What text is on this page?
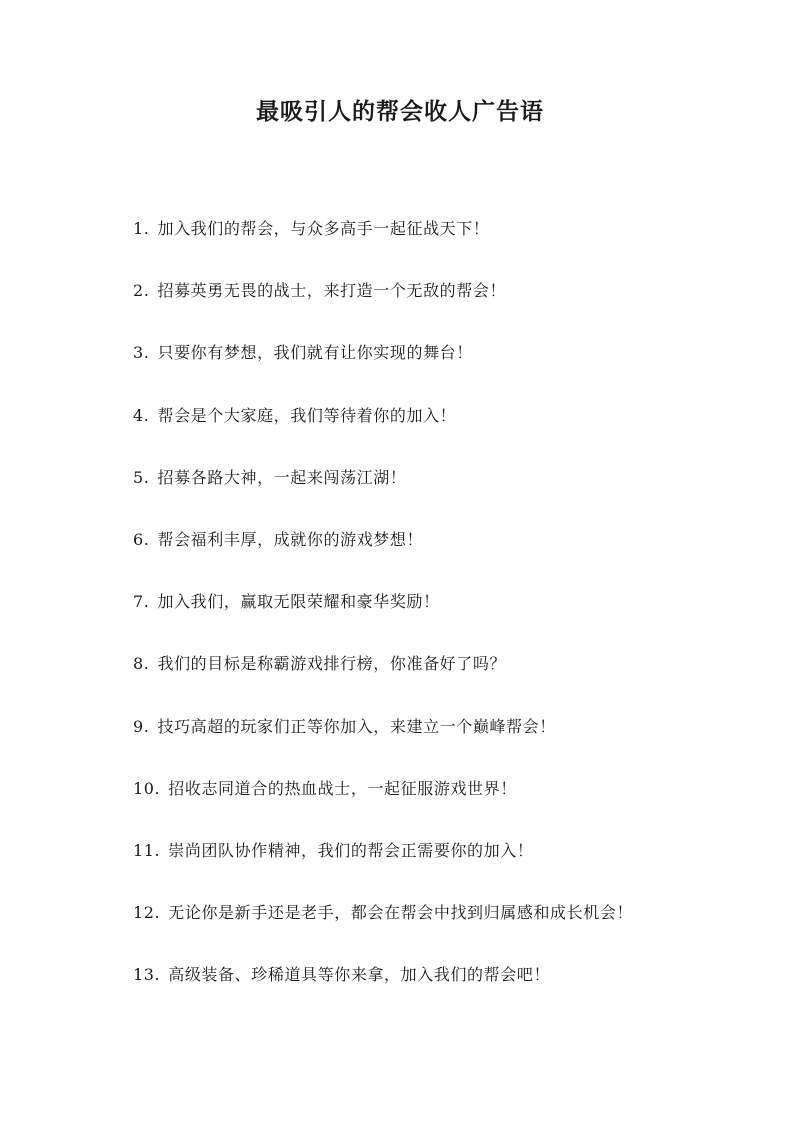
最吸引人的帮会收人广告语
1. 加入我们的帮会，与众多高手一起征战天下！
2. 招募英勇无畏的战士，来打造一个无敌的帮会！
3. 只要你有梦想，我们就有让你实现的舞台！
4. 帮会是个大家庭，我们等待着你的加入！
5. 招募各路大神，一起来闯荡江湖！
6. 帮会福利丰厚，成就你的游戏梦想！
7. 加入我们，赢取无限荣耀和豪华奖励！
8. 我们的目标是称霸游戏排行榜，你准备好了吗？
9. 技巧高超的玩家们正等你加入，来建立一个巅峰帮会！
10. 招收志同道合的热血战士，一起征服游戏世界！
11. 崇尚团队协作精神，我们的帮会正需要你的加入！
12. 无论你是新手还是老手，都会在帮会中找到归属感和成长机会！
13. 高级装备、珍稀道具等你来拿，加入我们的帮会吧！
